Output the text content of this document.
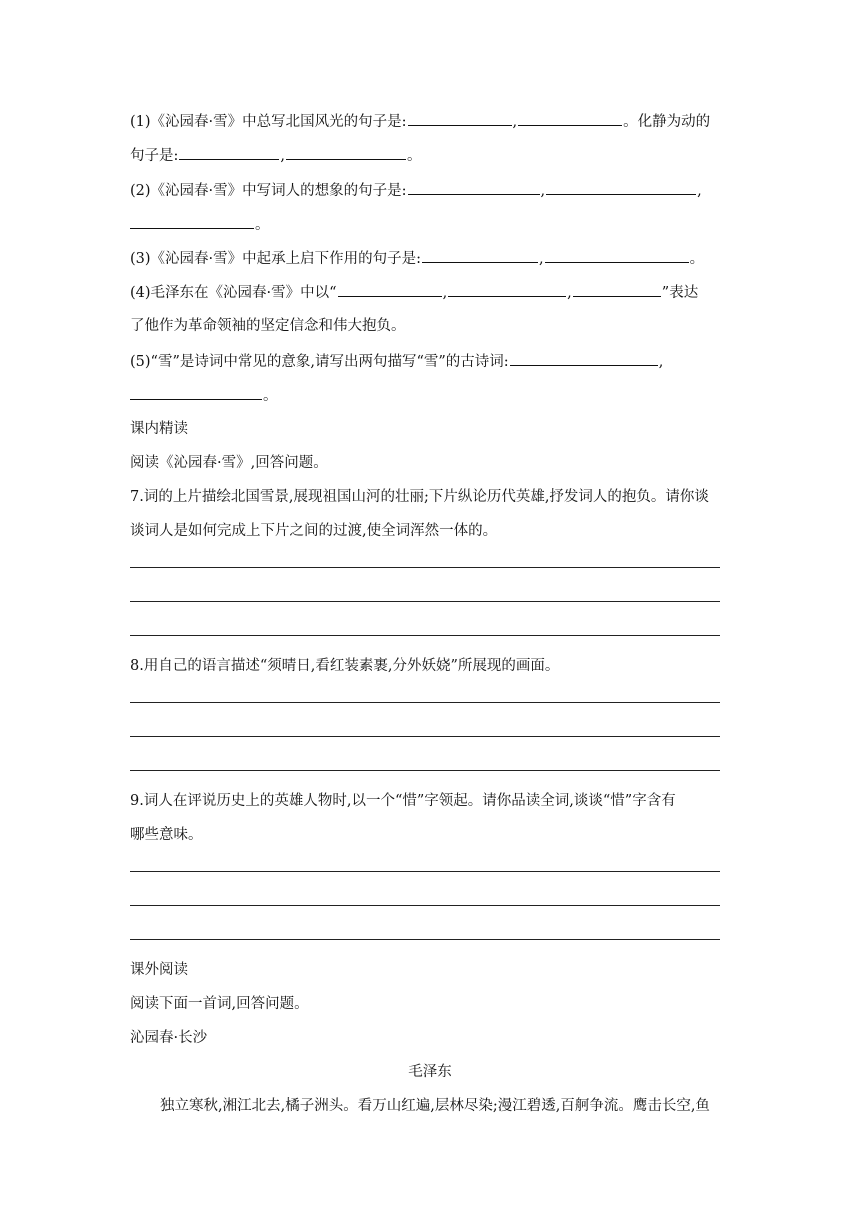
(1)《沁园春·雪》中总写北国风光的句子是:	,	。化静为动的
句子是:	,	。
(2)《沁园春·雪》中写词人的想象的句子是:	,	,
。
(3)《沁园春·雪》中起承上启下作用的句子是:	,	。
(4)毛泽东在《沁园春·雪》中以“	,	,	”表达
了他作为革命领袖的坚定信念和伟大抱负。
(5)“雪”是诗词中常见的意象,请写出两句描写“雪”的古诗词:	,
。
课内精读
阅读《沁园春·雪》,回答问题。
7.词的上片描绘北国雪景,展现祖国山河的壮丽;下片纵论历代英雄,抒发词人的抱负。请你谈
谈词人是如何完成上下片之间的过渡,使全词浑然一体的。
8.用自己的语言描述“须晴日,看红装素裹,分外妖娆”所展现的画面。
9.词人在评说历史上的英雄人物时,以一个“惜”字领起。请你品读全词,谈谈“惜”字含有
哪些意味。
课外阅读
阅读下面一首词,回答问题。
沁园春·长沙
毛泽东
独立寒秋,湘江北去,橘子洲头。看万山红遍,层林尽染;漫江碧透,百舸争流。鹰击长空,鱼
